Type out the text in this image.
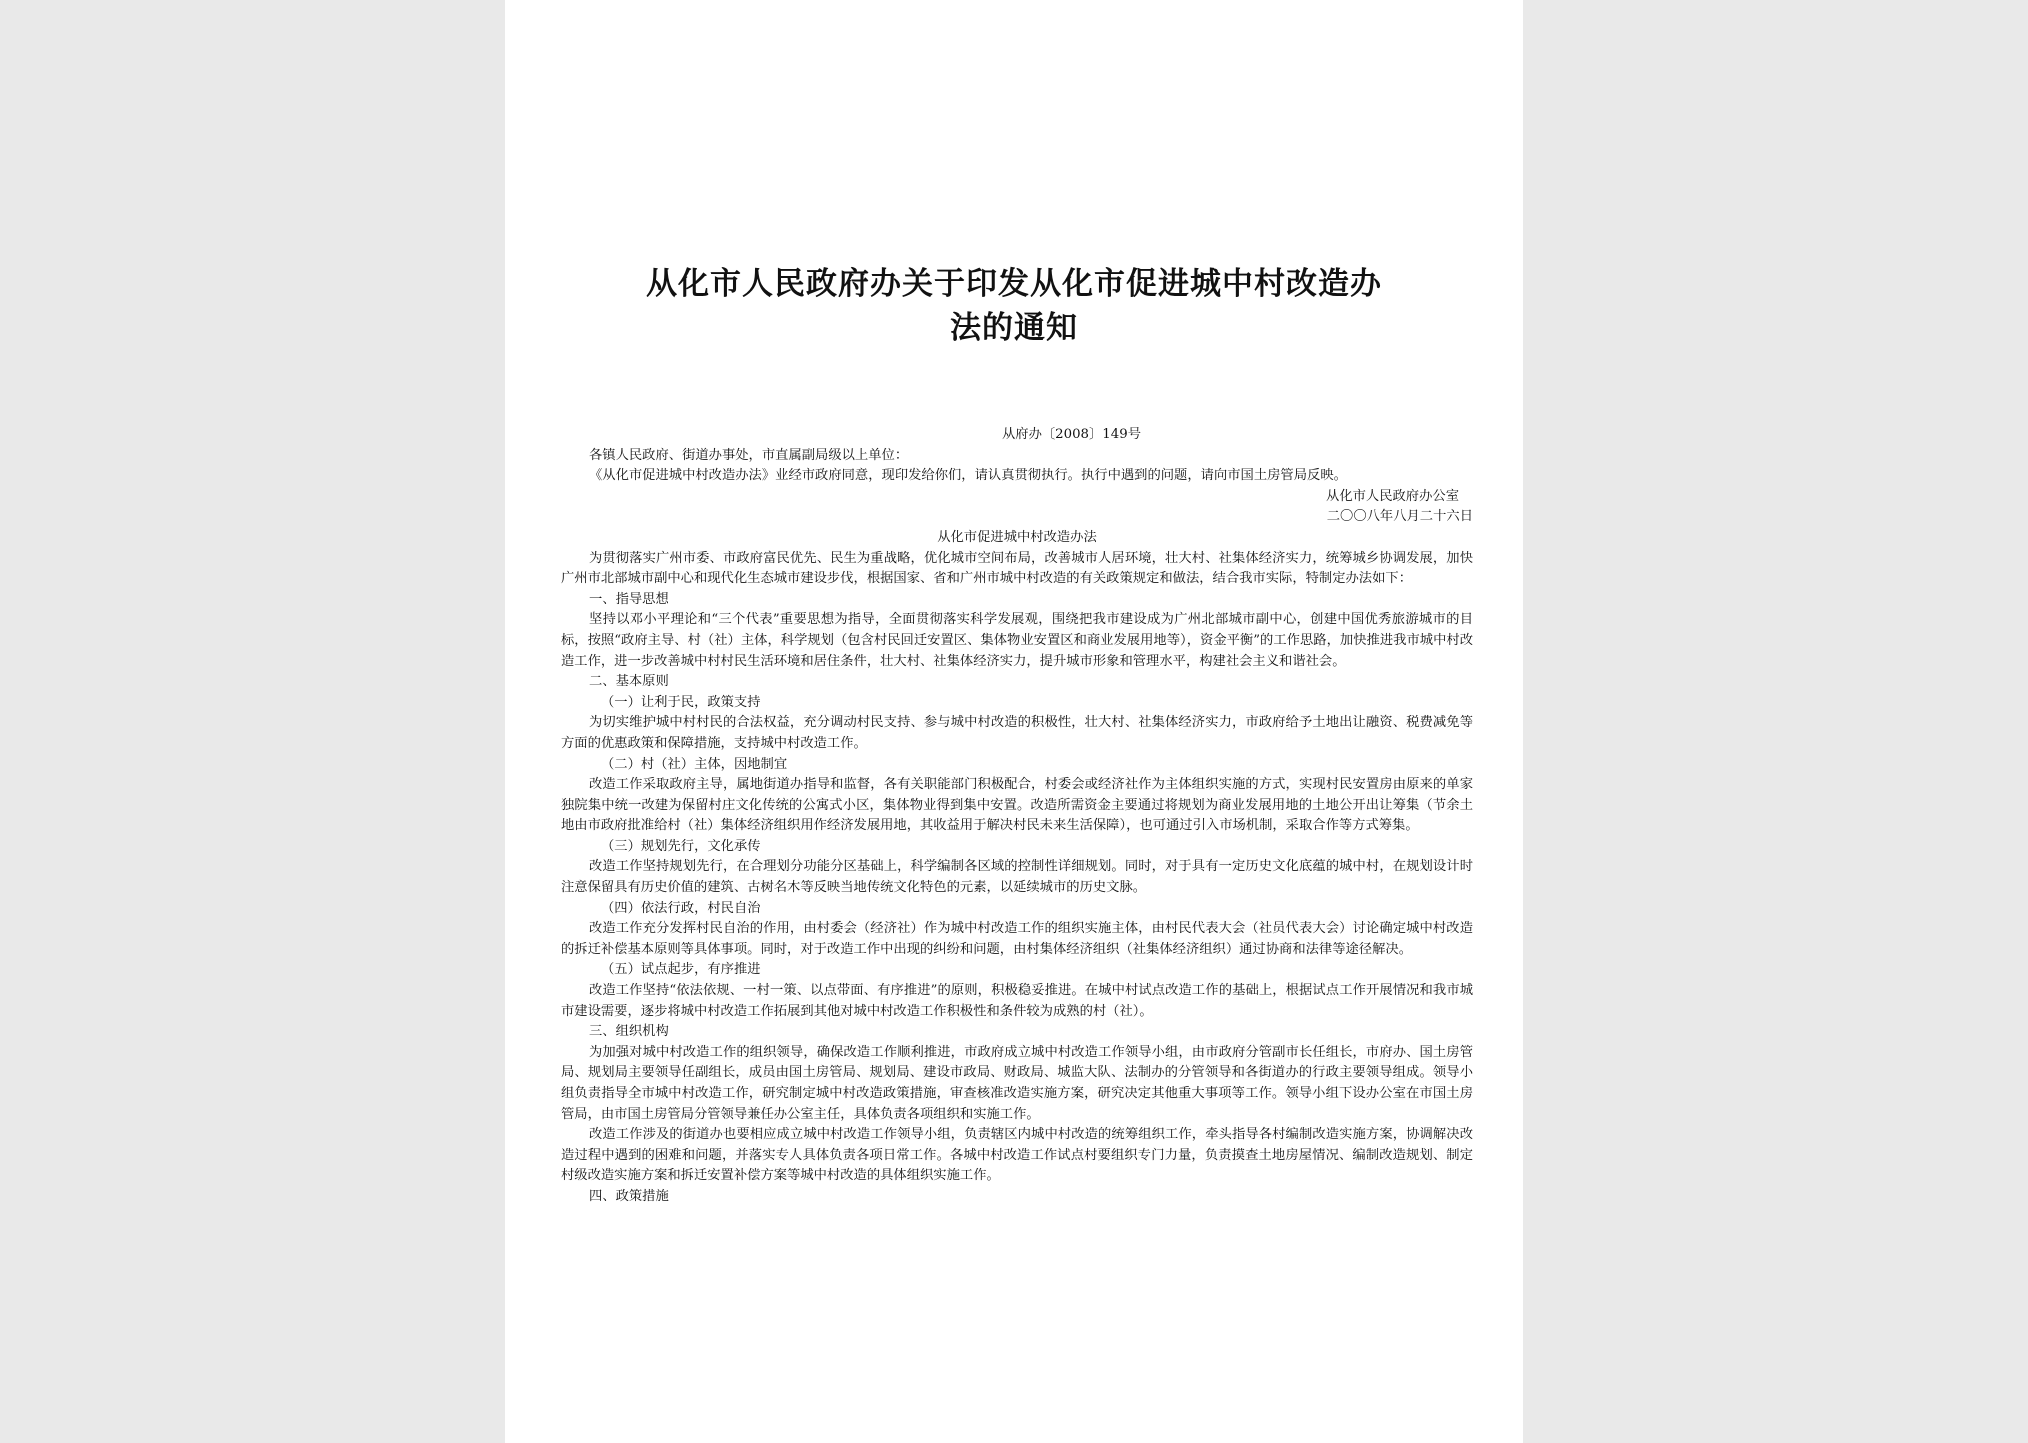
从化市人民政府办关于印发从化市促进城中村改造办
法的通知

从府办〔2008〕149号

各镇人民政府、街道办事处，市直属副局级以上单位：

《从化市促进城中村改造办法》业经市政府同意，现印发给你们，请认真贯彻执行。执行中遇到的问题，请向市国土房管局反映。

从化市人民政府办公室

二〇〇八年八月二十六日

从化市促进城中村改造办法

为贯彻落实广州市委、市政府富民优先、民生为重战略，优化城市空间布局，改善城市人居环境，壮大村、社集体经济实力，统筹城乡协调发展，加快广州市北部城市副中心和现代化生态城市建设步伐，根据国家、省和广州市城中村改造的有关政策规定和做法，结合我市实际，特制定办法如下：

一、指导思想

坚持以邓小平理论和“三个代表”重要思想为指导，全面贯彻落实科学发展观，围绕把我市建设成为广州北部城市副中心，创建中国优秀旅游城市的目标，按照“政府主导、村（社）主体，科学规划（包含村民回迁安置区、集体物业安置区和商业发展用地等），资金平衡”的工作思路，加快推进我市城中村改造工作，进一步改善城中村村民生活环境和居住条件，壮大村、社集体经济实力，提升城市形象和管理水平，构建社会主义和谐社会。

二、基本原则

（一）让利于民，政策支持

为切实维护城中村村民的合法权益，充分调动村民支持、参与城中村改造的积极性，壮大村、社集体经济实力，市政府给予土地出让融资、税费减免等方面的优惠政策和保障措施，支持城中村改造工作。

（二）村（社）主体，因地制宜

改造工作采取政府主导，属地街道办指导和监督，各有关职能部门积极配合，村委会或经济社作为主体组织实施的方式，实现村民安置房由原来的单家独院集中统一改建为保留村庄文化传统的公寓式小区，集体物业得到集中安置。改造所需资金主要通过将规划为商业发展用地的土地公开出让筹集（节余土地由市政府批准给村（社）集体经济组织用作经济发展用地，其收益用于解决村民未来生活保障），也可通过引入市场机制，采取合作等方式筹集。

（三）规划先行，文化承传

改造工作坚持规划先行，在合理划分功能分区基础上，科学编制各区域的控制性详细规划。同时，对于具有一定历史文化底蕴的城中村，在规划设计时注意保留具有历史价值的建筑、古树名木等反映当地传统文化特色的元素，以延续城市的历史文脉。

（四）依法行政，村民自治

改造工作充分发挥村民自治的作用，由村委会（经济社）作为城中村改造工作的组织实施主体，由村民代表大会（社员代表大会）讨论确定城中村改造的拆迁补偿基本原则等具体事项。同时，对于改造工作中出现的纠纷和问题，由村集体经济组织（社集体经济组织）通过协商和法律等途径解决。

（五）试点起步，有序推进

改造工作坚持“依法依规、一村一策、以点带面、有序推进”的原则，积极稳妥推进。在城中村试点改造工作的基础上，根据试点工作开展情况和我市城市建设需要，逐步将城中村改造工作拓展到其他对城中村改造工作积极性和条件较为成熟的村（社）。

三、组织机构

为加强对城中村改造工作的组织领导，确保改造工作顺利推进，市政府成立城中村改造工作领导小组，由市政府分管副市长任组长，市府办、国土房管局、规划局主要领导任副组长，成员由国土房管局、规划局、建设市政局、财政局、城监大队、法制办的分管领导和各街道办的行政主要领导组成。领导小组负责指导全市城中村改造工作，研究制定城中村改造政策措施，审查核准改造实施方案，研究决定其他重大事项等工作。领导小组下设办公室在市国土房管局，由市国土房管局分管领导兼任办公室主任，具体负责各项组织和实施工作。

改造工作涉及的街道办也要相应成立城中村改造工作领导小组，负责辖区内城中村改造的统筹组织工作，牵头指导各村编制改造实施方案，协调解决改造过程中遇到的困难和问题，并落实专人具体负责各项日常工作。各城中村改造工作试点村要组织专门力量，负责摸查土地房屋情况、编制改造规划、制定村级改造实施方案和拆迁安置补偿方案等城中村改造的具体组织实施工作。

四、政策措施
